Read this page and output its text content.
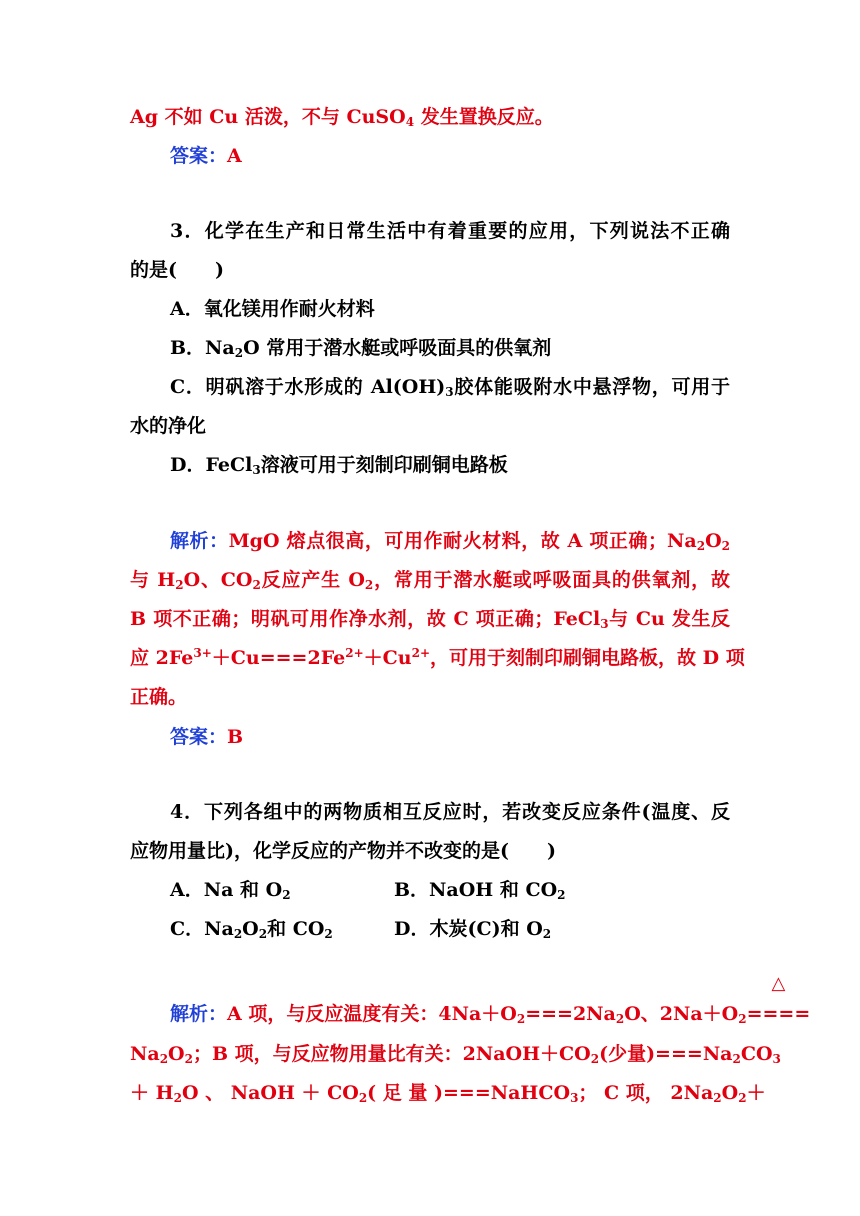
Ag 不如 Cu 活泼，不与 CuSO$_4$ 发生置换反应。
答案：A
3．化学在生产和日常生活中有着重要的应用，下列说法不正确
的是(　　)
A．氧化镁用作耐火材料
B．$Na_2O$ 常用于潜水艇或呼吸面具的供氧剂
C．明矾溶于水形成的 $Al(OH)_3$胶体能吸附水中悬浮物，可用于
水的净化
D．FeCl$_3$溶液可用于刻制印刷铜电路板
解析：MgO 熔点很高，可用作耐火材料，故 A 项正确；$Na_2O_2$
与 $H_2O$、$CO_2$反应产生 $O_2$，常用于潜水艇或呼吸面具的供氧剂，故
B 项不正确；明矾可用作净水剂，故 C 项正确；FeCl$_3$与 Cu 发生反
应 $2Fe^{3+}+Cu===2Fe^{2+}+Cu^{2+}$，可用于刻制印刷铜电路板，故 D 项
正确。
答案：B
4．下列各组中的两物质相互反应时，若改变反应条件(温度、反
应物用量比)，化学反应的产物并不改变的是(　　)
A．Na 和 $O_2$	B．NaOH 和 $CO_2$
C．$Na_2O_2$和 $CO_2$	D．木炭(C)和 $O_2$
解析：A 项，与反应温度有关：$4Na+O_2===2Na_2O$、$2Na+O_2$
△
====
$Na_2O_2$；B 项，与反应物用量比有关：$2NaOH+CO_2$(少量)$===Na_2CO_3$
＋ $H_2O$ 、 NaOH ＋ $CO_2$( 足 量 )===NaHCO$_3$； C 项， $2Na_2O_2+$
